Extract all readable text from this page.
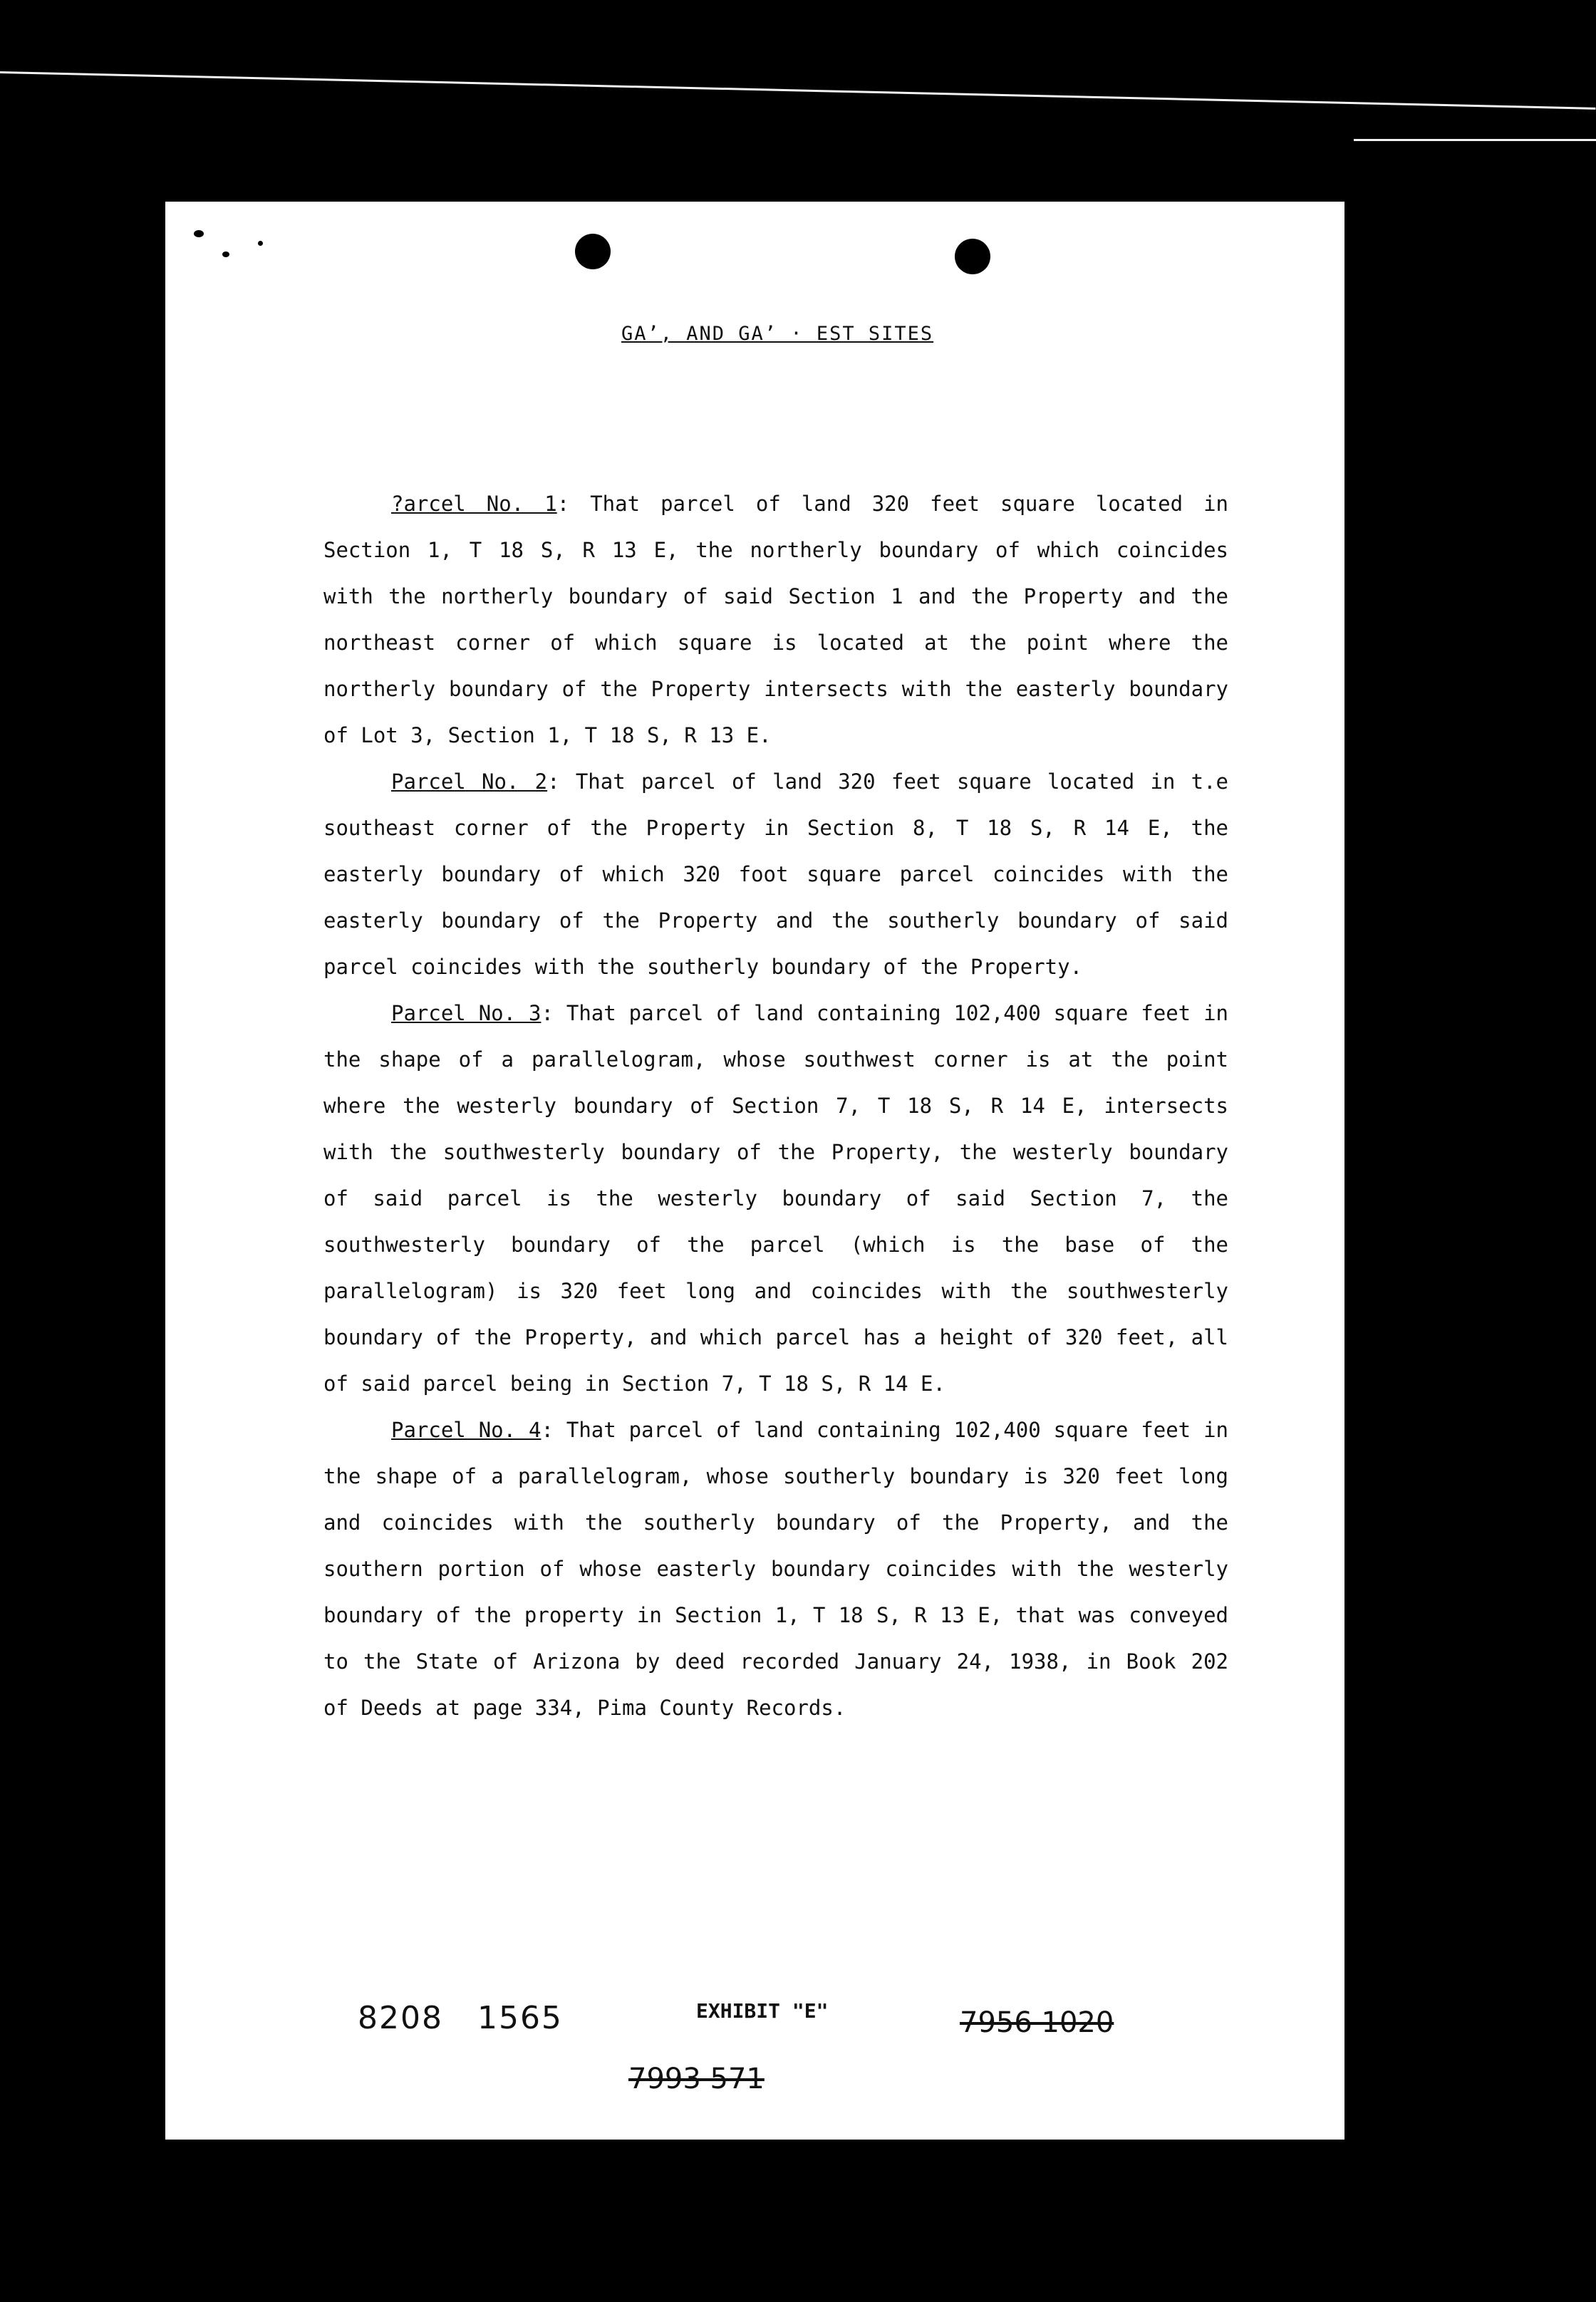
GA’, AND GA’ · EST SITES

?arcel No. 1: That parcel of land 320 feet square located in Section 1, T 18 S, R 13 E, the northerly boundary of which coincides with the northerly boundary of said Section 1 and the Property and the northeast corner of which square is located at the point where the northerly boundary of the Property intersects with the easterly boundary of Lot 3, Section 1, T 18 S, R 13 E.

Parcel No. 2: That parcel of land 320 feet square located in t.e southeast corner of the Property in Section 8, T 18 S, R 14 E, the easterly boundary of which 320 foot square parcel coincides with the easterly boundary of the Property and the southerly boundary of said parcel coincides with the southerly boundary of the Property.

Parcel No. 3: That parcel of land containing 102,400 square feet in the shape of a parallelogram, whose southwest corner is at the point where the westerly boundary of Section 7, T 18 S, R 14 E, intersects with the southwesterly boundary of the Property, the westerly boundary of said parcel is the westerly boundary of said Section 7, the southwesterly boundary of the parcel (which is the base of the parallelogram) is 320 feet long and coincides with the southwesterly boundary of the Property, and which parcel has a height of 320 feet, all of said parcel being in Section 7, T 18 S, R 14 E.

Parcel No. 4: That parcel of land containing 102,400 square feet in the shape of a parallelogram, whose southerly boundary is 320 feet long and coincides with the southerly boundary of the Property, and the southern portion of whose easterly boundary coincides with the westerly boundary of the property in Section 1, T 18 S, R 13 E, that was conveyed to the State of Arizona by deed recorded January 24, 1938, in Book 202 of Deeds at page 334, Pima County Records.

8208 1565	EXHIBIT "E"	7956 1020
7993 571
